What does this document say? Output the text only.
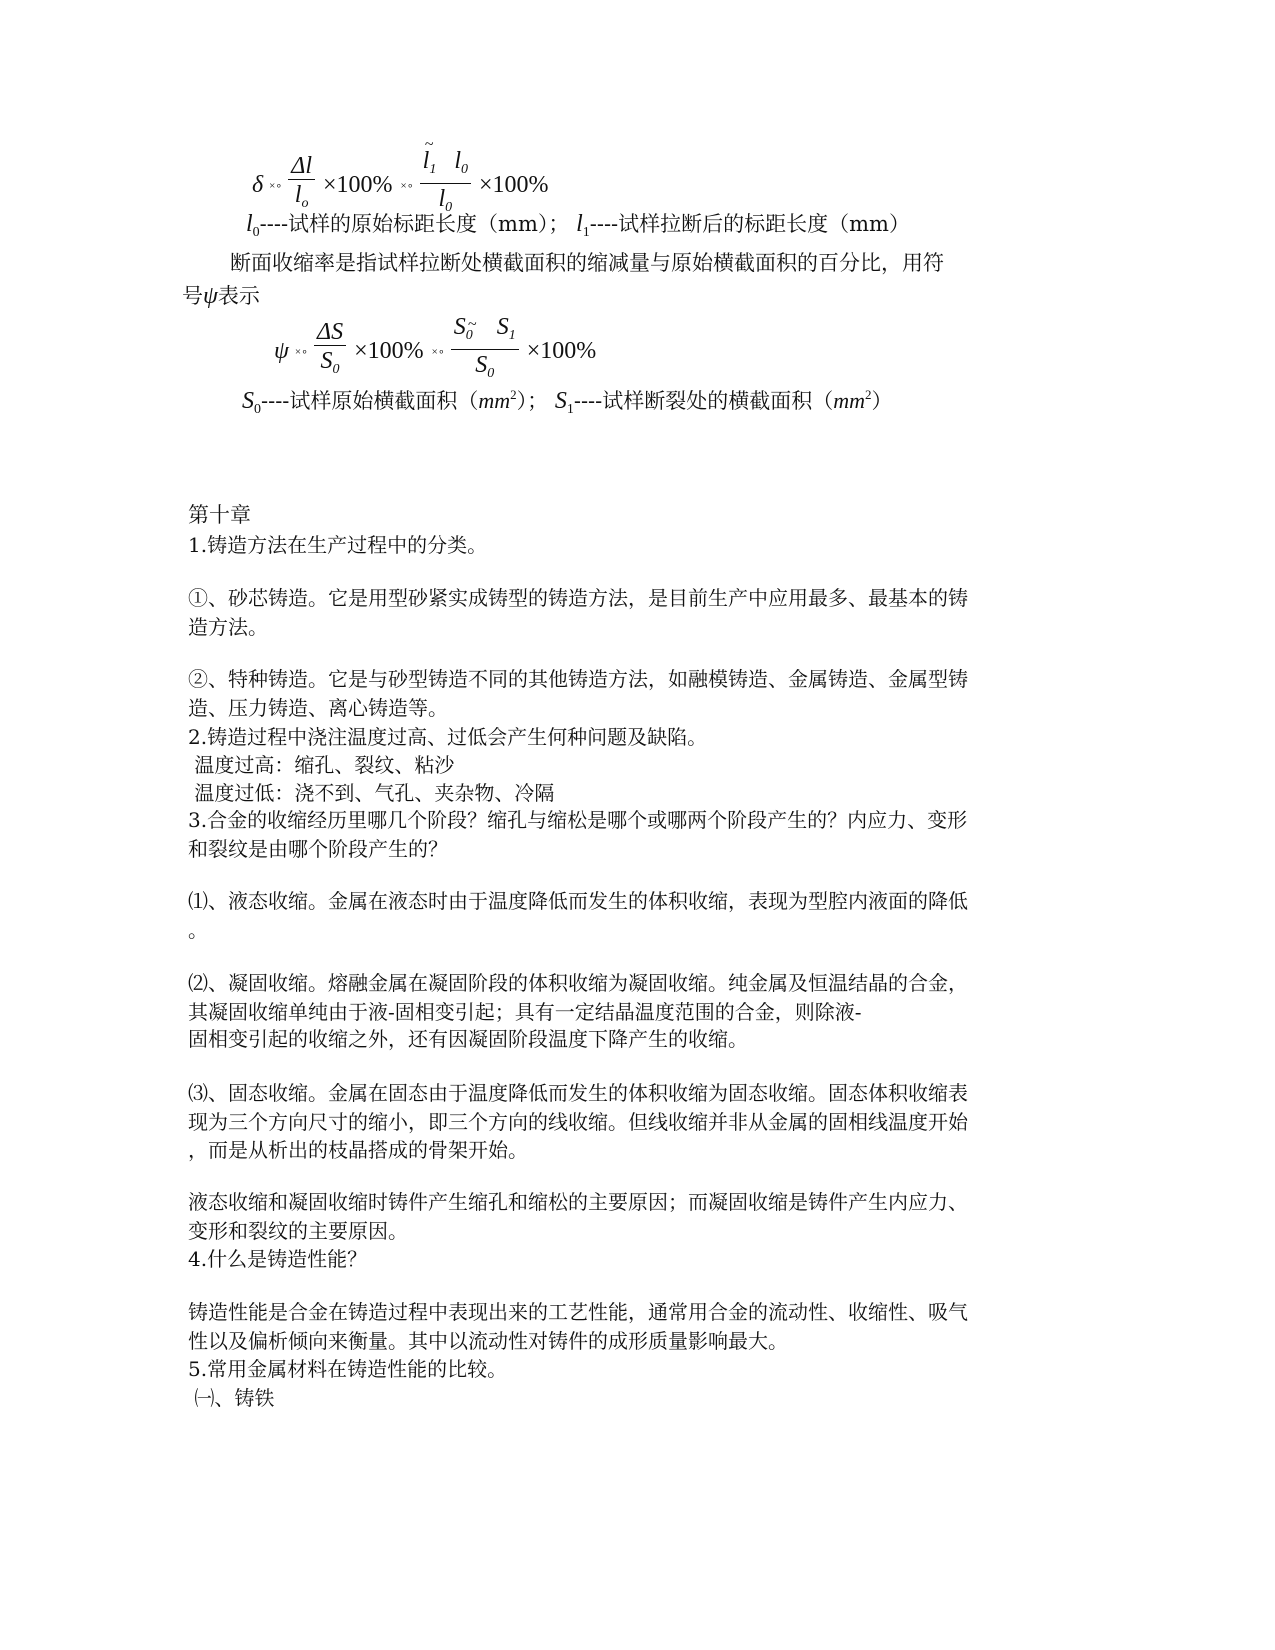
δ ×∘ $\frac{\Delta l}{l_o} \times 100\%$ ×∘
~ $\frac{l_1 l_0}{l_0} \times 100\%$
$l_0----$试样的原始标距长度（mm）； $l_1----$试样拉断后的标距长度（mm）
断面收缩率是指试样拉断处横截面积的缩减量与原始横截面积的百分比，用符
号ψ表示
ψ ×∘ $\frac{\Delta S}{S_0} \times 100\%$ ×∘ $\frac{S\sim _0 S_1}{S_0} \times 100\%$
$S_0----$试样原始横截面积$(mm^2)$； $S_1----$试样断裂处的横截面积$(mm^2)$
第十章
1.铸造方法在生产过程中的分类。
①、砂芯铸造。它是用型砂紧实成铸型的铸造方法，是目前生产中应用最多、最基本的铸
造方法。
②、特种铸造。它是与砂型铸造不同的其他铸造方法，如融模铸造、金属铸造、金属型铸
造、压力铸造、离心铸造等。
2.铸造过程中浇注温度过高、过低会产生何种问题及缺陷。
温度过高：缩孔、裂纹、粘沙
温度过低：浇不到、气孔、夹杂物、冷隔
3.合金的收缩经历里哪几个阶段？缩孔与缩松是哪个或哪两个阶段产生的？内应力、变形
和裂纹是由哪个阶段产生的？
⑴、液态收缩。金属在液态时由于温度降低而发生的体积收缩，表现为型腔内液面的降低
。
⑵、凝固收缩。熔融金属在凝固阶段的体积收缩为凝固收缩。纯金属及恒温结晶的合金，
其凝固收缩单纯由于液-固相变引起；具有一定结晶温度范围的合金，则除液-
固相变引起的收缩之外，还有因凝固阶段温度下降产生的收缩。
⑶、固态收缩。金属在固态由于温度降低而发生的体积收缩为固态收缩。固态体积收缩表
现为三个方向尺寸的缩小，即三个方向的线收缩。但线收缩并非从金属的固相线温度开始
，而是从析出的枝晶搭成的骨架开始。
液态收缩和凝固收缩时铸件产生缩孔和缩松的主要原因；而凝固收缩是铸件产生内应力、
变形和裂纹的主要原因。
4.什么是铸造性能？
铸造性能是合金在铸造过程中表现出来的工艺性能，通常用合金的流动性、收缩性、吸气
性以及偏析倾向来衡量。其中以流动性对铸件的成形质量影响最大。
5.常用金属材料在铸造性能的比较。
㈠、铸铁
